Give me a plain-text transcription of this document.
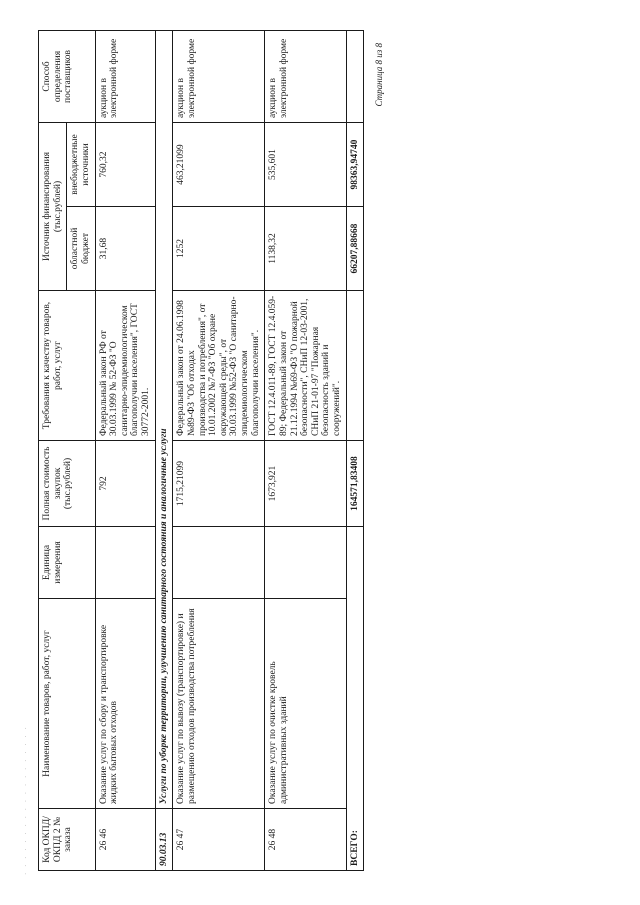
· · · · · · · · · · · · · · · · · · · Код ОКПД/ ОКПД 2 № заказа	Наименование товаров, работ, услуг	Единица измерения	Полная стоимость закупок (тыс.рублей)	Требования к качеству товаров, работ, услуг	Источник финансирования (тыс.рублей)		Способ определения поставщиков
					областной бюджет	внебюджетные источники	
26 46	Оказание услуг по сбору и транспортировке жидких бытовых отходов		792	Федеральный закон РФ от 30.03.1999 № 52-ФЗ "О санитарно-эпидемиологическом благополучии населения", ГОСТ 30772-2001.	31,68	760,32	аукцион в электронной форме
90.03.13	Услуги по уборке территории, улучшению санитарного состояния и аналогичные услуги						
26 47	Оказание услуг по вывозу (транспортировке) и размещению отходов производства потребления		1715,21099	Федеральный закон от 24.06.1998 №89-ФЗ "Об отходах производства и потребления", от 10.01.2002 №7-ФЗ "Об охране окружающей среды", от 30.03.1999 №52-ФЗ "О санитарно-эпидемиологическом благополучии населения".	1252	463,21099	аукцион в электронной форме
26 48	Оказание услуг по очистке кровель административных зданий		1673,921	ГОСТ 12.4.011-89, ГОСТ 12.4.059-89; Федеральный закон от 21.12.1994 №69-ФЗ "О пожарной безопасности", СНиП 12-03-2001, СНиП 21-01-97 "Пожарная безопасность зданий и сооружений".	1138,32	535,601	аукцион в электронной форме
ВСЕГО:			164571,83408		66207,88668	98363,94740	
Страница 8 из 8
